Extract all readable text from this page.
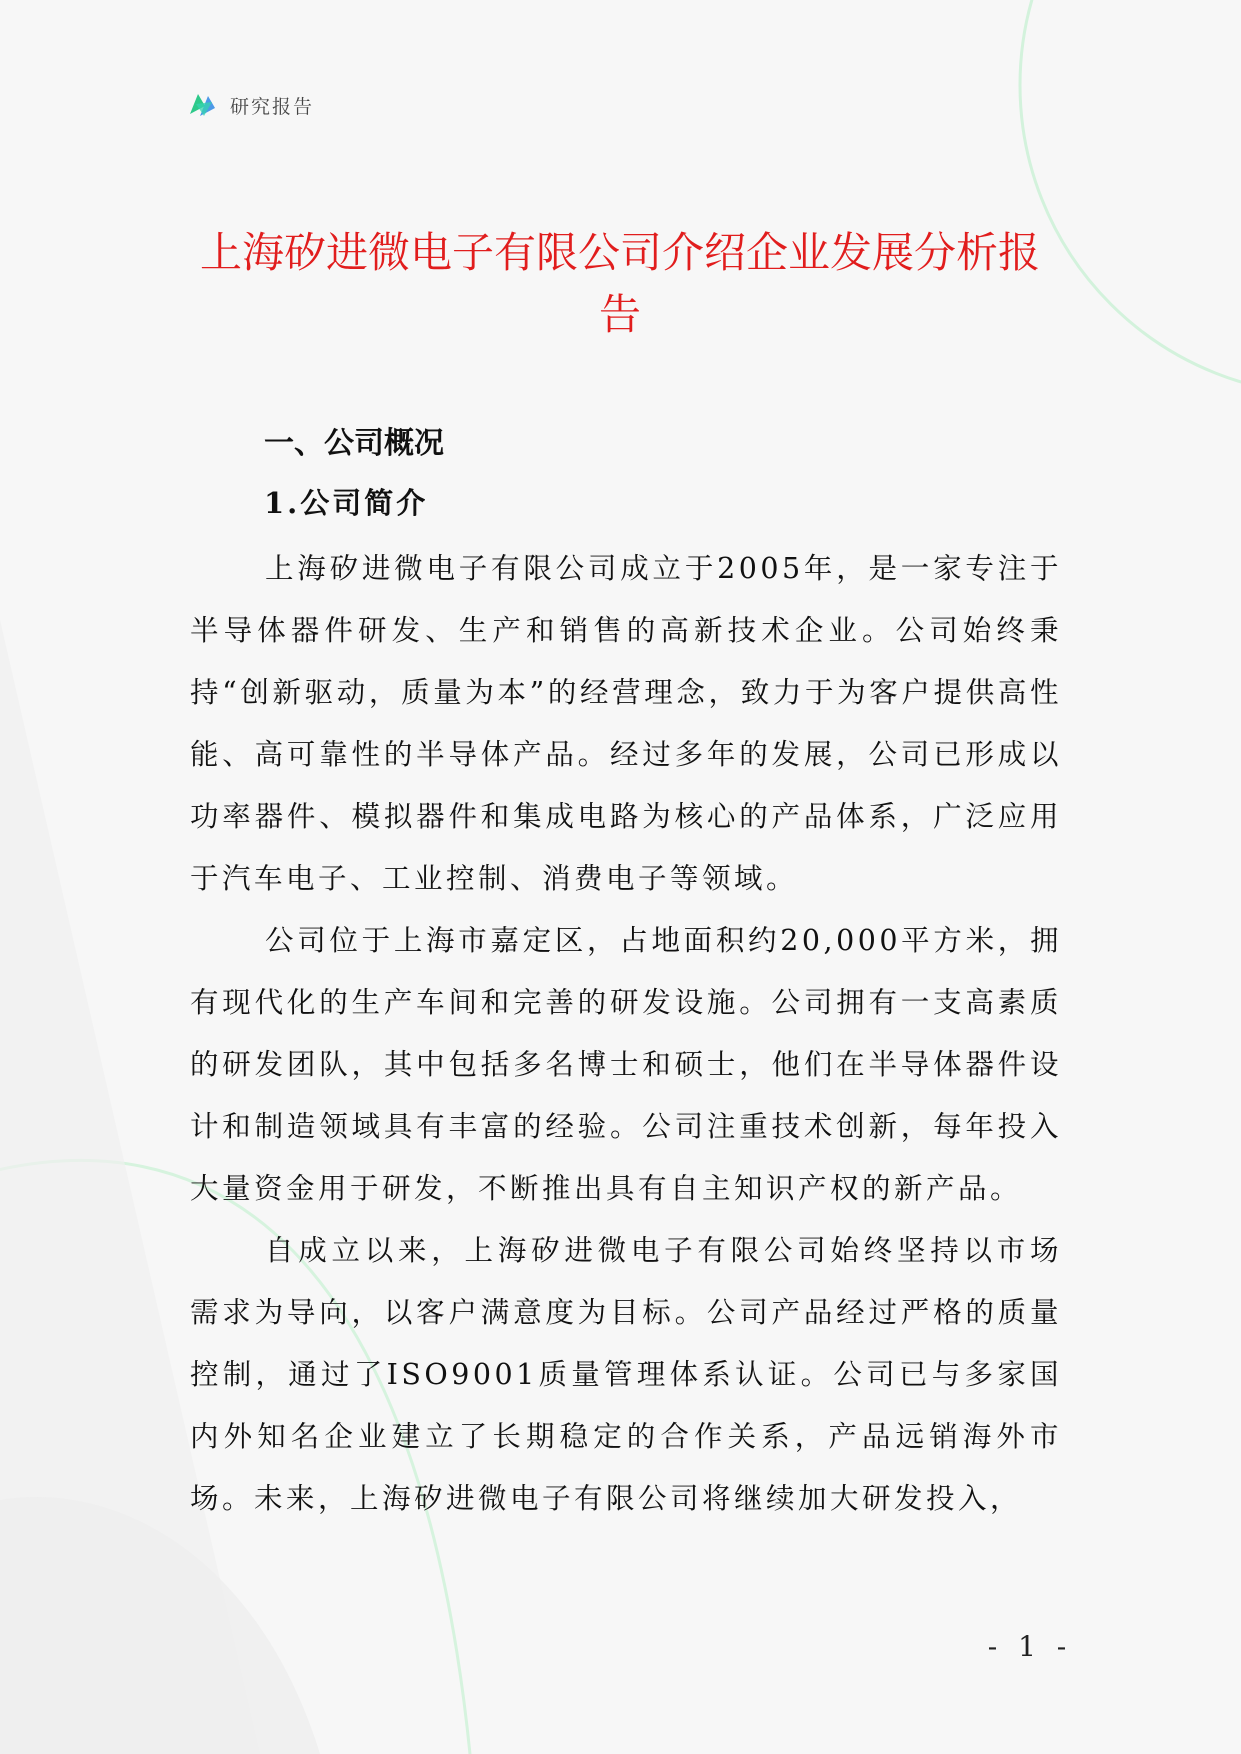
研究报告
上海矽进微电子有限公司介绍企业发展分析报告
一、公司概况
1.公司简介

上海矽进微电子有限公司成立于2005年，是一家专注于半导体器件研发、生产和销售的高新技术企业。公司始终秉持“创新驱动，质量为本”的经营理念，致力于为客户提供高性能、高可靠性的半导体产品。经过多年的发展，公司已形成以功率器件、模拟器件和集成电路为核心的产品体系，广泛应用于汽车电子、工业控制、消费电子等领域。

公司位于上海市嘉定区，占地面积约20,000平方米，拥有现代化的生产车间和完善的研发设施。公司拥有一支高素质的研发团队，其中包括多名博士和硕士，他们在半导体器件设计和制造领域具有丰富的经验。公司注重技术创新，每年投入大量资金用于研发，不断推出具有自主知识产权的新产品。

自成立以来，上海矽进微电子有限公司始终坚持以市场需求为导向，以客户满意度为目标。公司产品经过严格的质量控制，通过了ISO9001质量管理体系认证。公司已与多家国内外知名企业建立了长期稳定的合作关系，产品远销海外市场。未来，上海矽进微电子有限公司将继续加大研发投入，

- 1 -
